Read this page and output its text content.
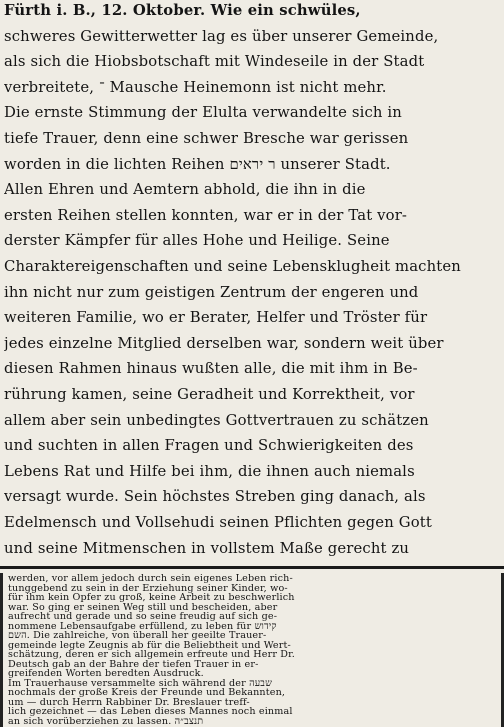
Fürth i. B., 12. Oktober. Wie ein schwüles,
schweres Gewitterwetter lag es über unserer Gemeinde,
als sich die Hiobsbotschaft mit Windeseile in der Stadt
verbreitete, ־ Mausche Heinemonn ist nicht mehr.
Die ernste Stimmung der Elulta verwandelte sich in
tiefe Trauer, denn eine schwer Bresche war gerissen
worden in die lichten Reihen ‎ר יראים unserer Stadt.
Allen Ehren und Aemtern abhold, die ihn in die
ersten Reihen stellen konnten, war er in der Tat vor-
derster Kämpfer für alles Hohe und Heilige. Seine
Charaktereigenschaften und seine Lebensklugheit machten
ihn nicht nur zum geistigen Zentrum der engeren und
weiteren Familie, wo er Berater, Helfer und Tröster für
jedes einzelne Mitglied derselben war, sondern weit über
diesen Rahmen hinaus wußten alle, die mit ihm in Be-
rührung kamen, seine Geradheit und Korrektheit, vor
allem aber sein unbedingtes Gottvertrauen zu schätzen
und suchten in allen Fragen und Schwierigkeiten des
Lebens Rat und Hilfe bei ihm, die ihnen auch niemals
versagt wurde. Sein höchstes Streben ging danach, als
Edelmensch und Vollsehudi seinen Pflichten gegen Gott
und seine Mitmenschen in vollstem Maße gerecht zu
werden, vor allem jedoch durch sein eigenes Leben rich-
tunggebend zu sein in der Erziehung seiner Kinder, wo-
für ihm kein Opfer zu groß, keine Arbeit zu beschwerlich
war. So ging er seinen Weg still und bescheiden, aber
aufrecht und gerade und so seine freudig auf sich ge-
nommene Lebensaufgabe erfüllend, zu leben für ‎קידוש
‎השם. Die zahlreiche, von überall her geeilte Trauer-
gemeinde legte Zeugnis ab für die Beliebtheit und Wert-
schätzung, deren er sich allgemein erfreute und Herr Dr.
Deutsch gab an der Bahre der tiefen Trauer in er-
greifenden Worten beredten Ausdruck.
Im Trauerhause versammelte sich während der ‎שבעה
nochmals der große Kreis der Freunde und Bekannten,
um — durch Herrn Rabbiner Dr. Breslauer treff-
lich gezeichnet — das Leben dieses Mannes noch einmal
an sich vorüberziehen zu lassen. ‎תנצב״ה
